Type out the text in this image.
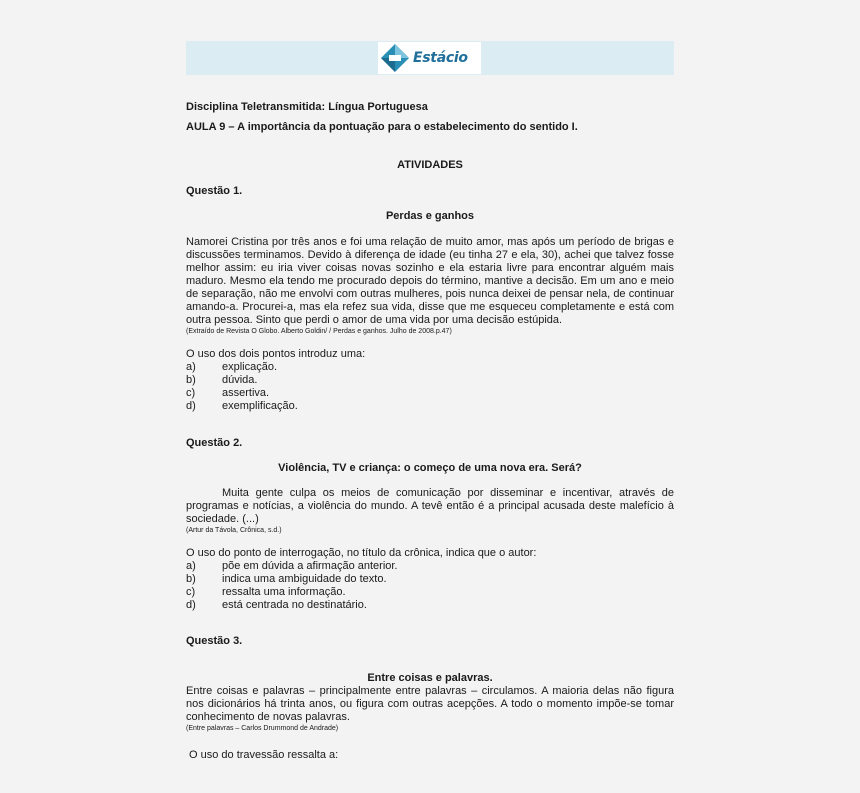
Estácio

Disciplina Teletransmitida: Língua Portuguesa

AULA 9 – A importância da pontuação para o estabelecimento do sentido I.

ATIVIDADES

Questão 1.

Perdas e ganhos

Namorei Cristina por três anos e foi uma relação de muito amor, mas após um período de brigas e discussões terminamos. Devido à diferença de idade (eu tinha 27 e ela, 30), achei que talvez fosse melhor assim: eu iria viver coisas novas sozinho e ela estaria livre para encontrar alguém mais maduro. Mesmo ela tendo me procurado depois do término, mantive a decisão. Em um ano e meio de separação, não me envolvi com outras mulheres, pois nunca deixei de pensar nela, de continuar amando-a. Procurei-a, mas ela refez sua vida, disse que me esqueceu completamente e está com outra pessoa. Sinto que perdi o amor de uma vida por uma decisão estúpida.

(Extraído de Revista O Globo. Alberto Goldin/ / Perdas e ganhos. Julho de 2008.p.47)

O uso dos dois pontos introduz uma:

a)	explicação.
b)	dúvida.
c)	assertiva.
d)	exemplificação.

Questão 2.

Violência, TV e criança: o começo de uma nova era. Será?

Muita gente culpa os meios de comunicação por disseminar e incentivar, através de programas e notícias, a violência do mundo. A tevê então é a principal acusada deste malefício à sociedade. (...)

(Artur da Távola, Crônica, s.d.)

O uso do ponto de interrogação, no título da crônica, indica que o autor:

a)	põe em dúvida a afirmação anterior.
b)	indica uma ambiguidade do texto.
c)	ressalta uma informação.
d)	está centrada no destinatário.

Questão 3.

Entre coisas e palavras.

Entre coisas e palavras – principalmente entre palavras – circulamos. A maioria delas não figura nos dicionários há trinta anos, ou figura com outras acepções. A todo o momento impõe-se tomar conhecimento de novas palavras.

(Entre palavras – Carlos Drummond de Andrade)

O uso do travessão ressalta a:
